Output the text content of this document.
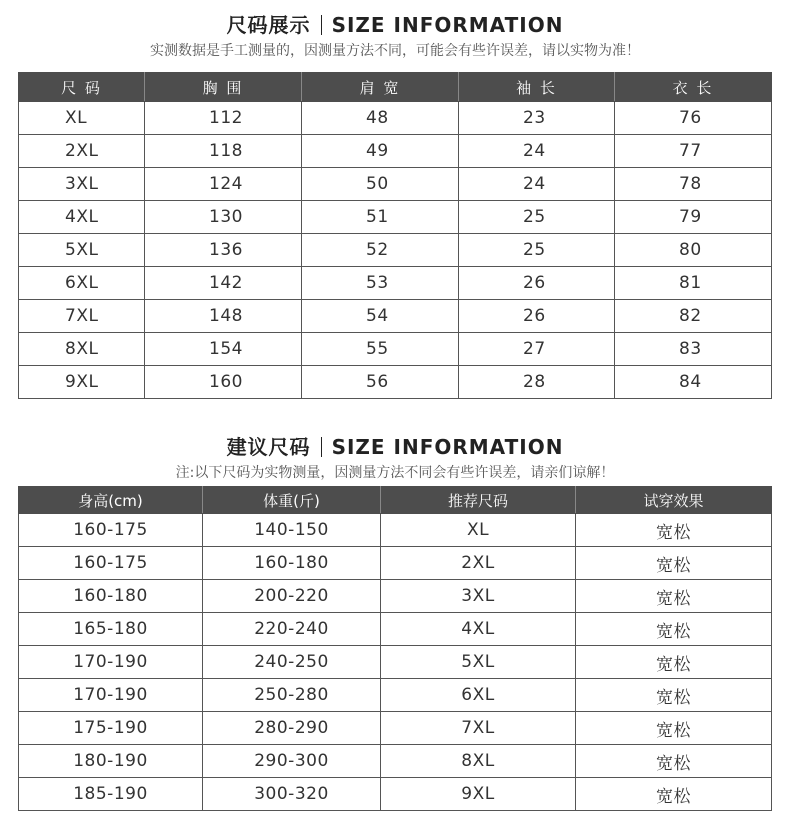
尺码展示 SIZE INFORMATION
实测数据是手工测量的，因测量方法不同，可能会有些许误差，请以实物为准！
尺 码	胸 围	肩 宽	袖 长	衣 长
XL	112	48	23	76
2XL	118	49	24	77
3XL	124	50	24	78
4XL	130	51	25	79
5XL	136	52	25	80
6XL	142	53	26	81
7XL	148	54	26	82
8XL	154	55	27	83
9XL	160	56	28	84
建议尺码 SIZE INFORMATION
注:以下尺码为实物测量，因测量方法不同会有些许误差，请亲们谅解！
身高(cm)	体重(斤)	推荐尺码	试穿效果
160-175	140-150	XL	宽松
160-175	160-180	2XL	宽松
160-180	200-220	3XL	宽松
165-180	220-240	4XL	宽松
170-190	240-250	5XL	宽松
170-190	250-280	6XL	宽松
175-190	280-290	7XL	宽松
180-190	290-300	8XL	宽松
185-190	300-320	9XL	宽松
